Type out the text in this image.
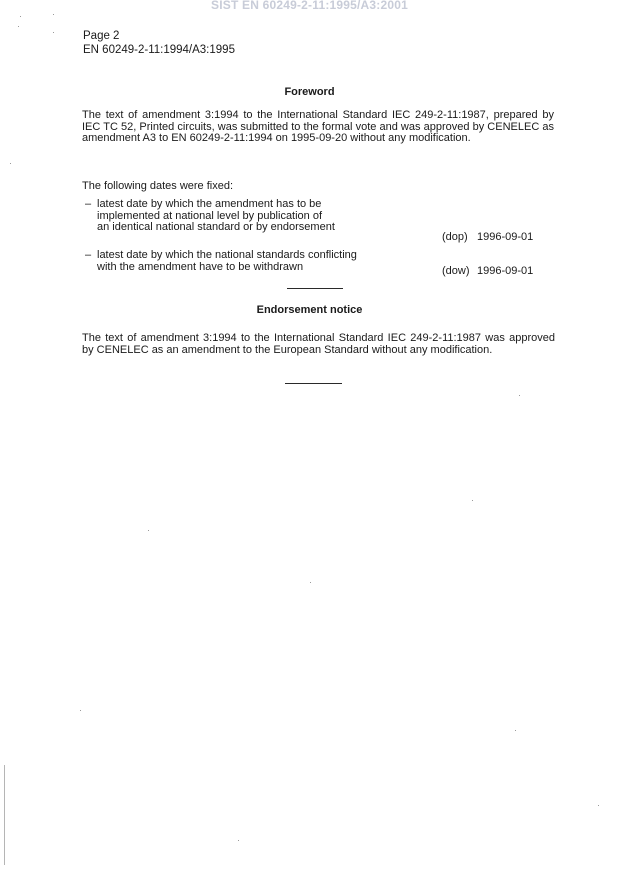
SIST EN 60249-2-11:1995/A3:2001
Page 2
EN 60249-2-11:1994/A3:1995
Foreword
The text of amendment 3:1994 to the International Standard IEC 249-2-11:1987, prepared by IEC TC 52, Printed circuits, was submitted to the formal vote and was approved by CENELEC as amendment A3 to EN 60249-2-11:1994 on 1995-09-20 without any modification.
The following dates were fixed:
– latest date by which the amendment has to be
implemented at national level by publication of
an identical national standard or by endorsement
(dop) 1996-09-01
– latest date by which the national standards conflicting
with the amendment have to be withdrawn	(dow) 1996-09-01
Endorsement notice
The text of amendment 3:1994 to the International Standard IEC 249-2-11:1987 was approved by CENELEC as an amendment to the European Standard without any modification.
